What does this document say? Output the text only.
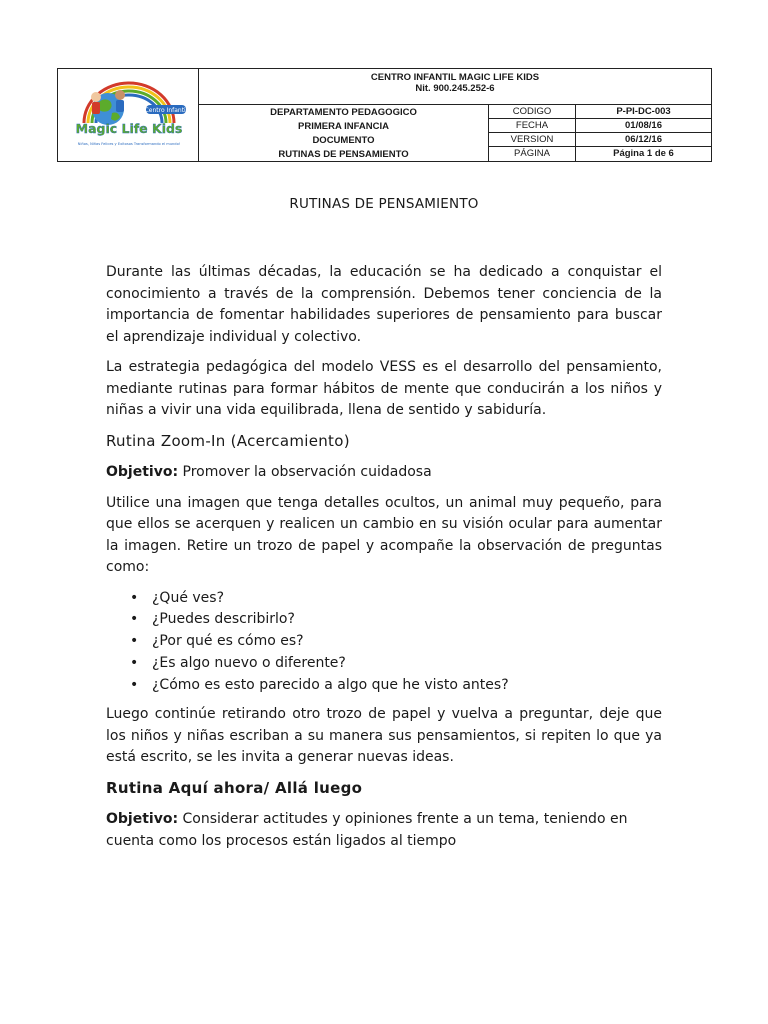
Centro Infantil
Magic Life Kids
Niños, Niñas Felices y Exitosos Transformando el mundo!
CENTRO INFANTIL MAGIC LIFE KIDS
Nit. 900.245.252-6
DEPARTAMENTO PEDAGOGICO
PRIMERA INFANCIA
DOCUMENTO
RUTINAS DE PENSAMIENTO
CODIGO	P-PI-DC-003
FECHA	01/08/16
VERSION	06/12/16
PÁGINA	Página 1 de 6
RUTINAS DE PENSAMIENTO

Durante las últimas décadas, la educación se ha dedicado a conquistar el conocimiento a través de la comprensión. Debemos tener conciencia de la importancia de fomentar habilidades superiores de pensamiento para buscar el aprendizaje individual y colectivo.

La estrategia pedagógica del modelo VESS es el desarrollo del pensamiento, mediante rutinas para formar hábitos de mente que conducirán a los niños y niñas a vivir una vida equilibrada, llena de sentido y sabiduría.

Rutina Zoom-In (Acercamiento)

Objetivo: Promover la observación cuidadosa

Utilice una imagen que tenga detalles ocultos, un animal muy pequeño, para que ellos se acerquen y realicen un cambio en su visión ocular para aumentar la imagen. Retire un trozo de papel y acompañe la observación de preguntas como:

• ¿Qué ves?
• ¿Puedes describirlo?
• ¿Por qué es cómo es?
• ¿Es algo nuevo o diferente?
• ¿Cómo es esto parecido a algo que he visto antes?

Luego continúe retirando otro trozo de papel y vuelva a preguntar, deje que los niños y niñas escriban a su manera sus pensamientos, si repiten lo que ya está escrito, se les invita a generar nuevas ideas.

Rutina Aquí ahora/ Allá luego

Objetivo: Considerar actitudes y opiniones frente a un tema, teniendo en cuenta como los procesos están ligados al tiempo
